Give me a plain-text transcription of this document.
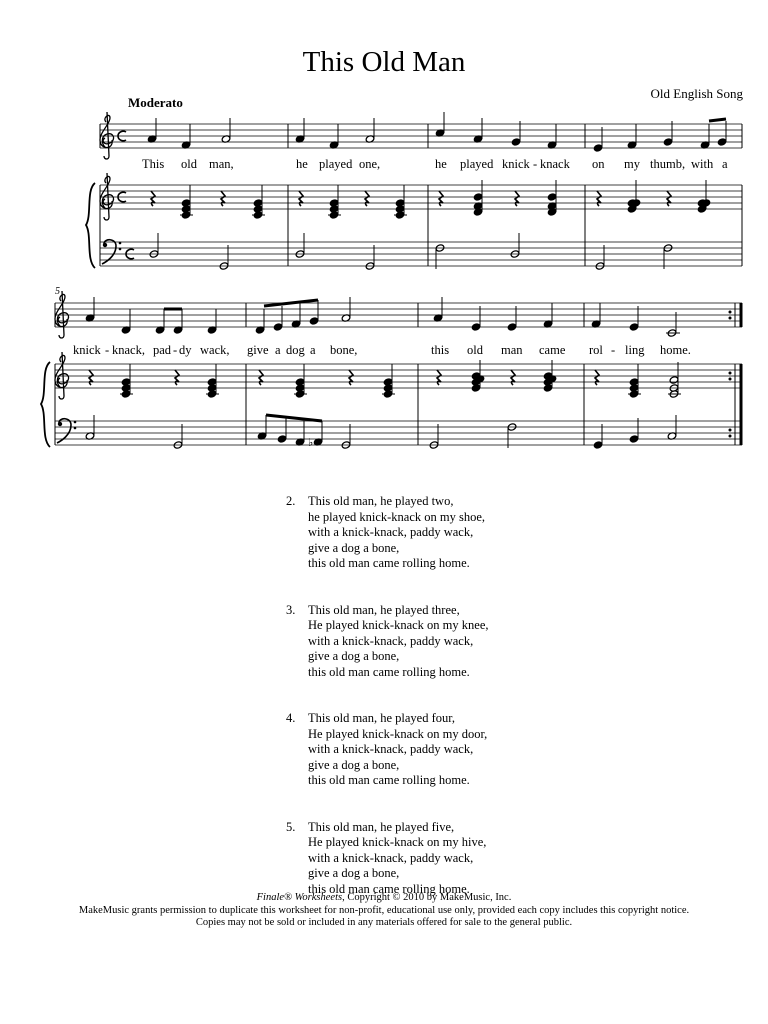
This Old Man
Old English Song
Moderato
This old man,	he played one,	he played knick - knack on my thumb, with a
5
♭
knick - knack, pad - dy wack, give a dog a bone,	this old man came rol - ling home.
2. This old man, he played two,
he played knick-knack on my shoe,
with a knick-knack, paddy wack,
give a dog a bone,
this old man came rolling home.
3. This old man, he played three,
He played knick-knack on my knee,
with a knick-knack, paddy wack,
give a dog a bone,
this old man came rolling home.
4. This old man, he played four,
He played knick-knack on my door,
with a knick-knack, paddy wack,
give a dog a bone,
this old man came rolling home.
5. This old man, he played five,
He played knick-knack on my hive,
with a knick-knack, paddy wack,
give a dog a bone,
this old man came rolling home.
Finale® Worksheets, Copyright © 2010 by MakeMusic, Inc.
MakeMusic grants permission to duplicate this worksheet for non-profit, educational use only, provided each copy includes this copyright notice.
Copies may not be sold or included in any materials offered for sale to the general public.
